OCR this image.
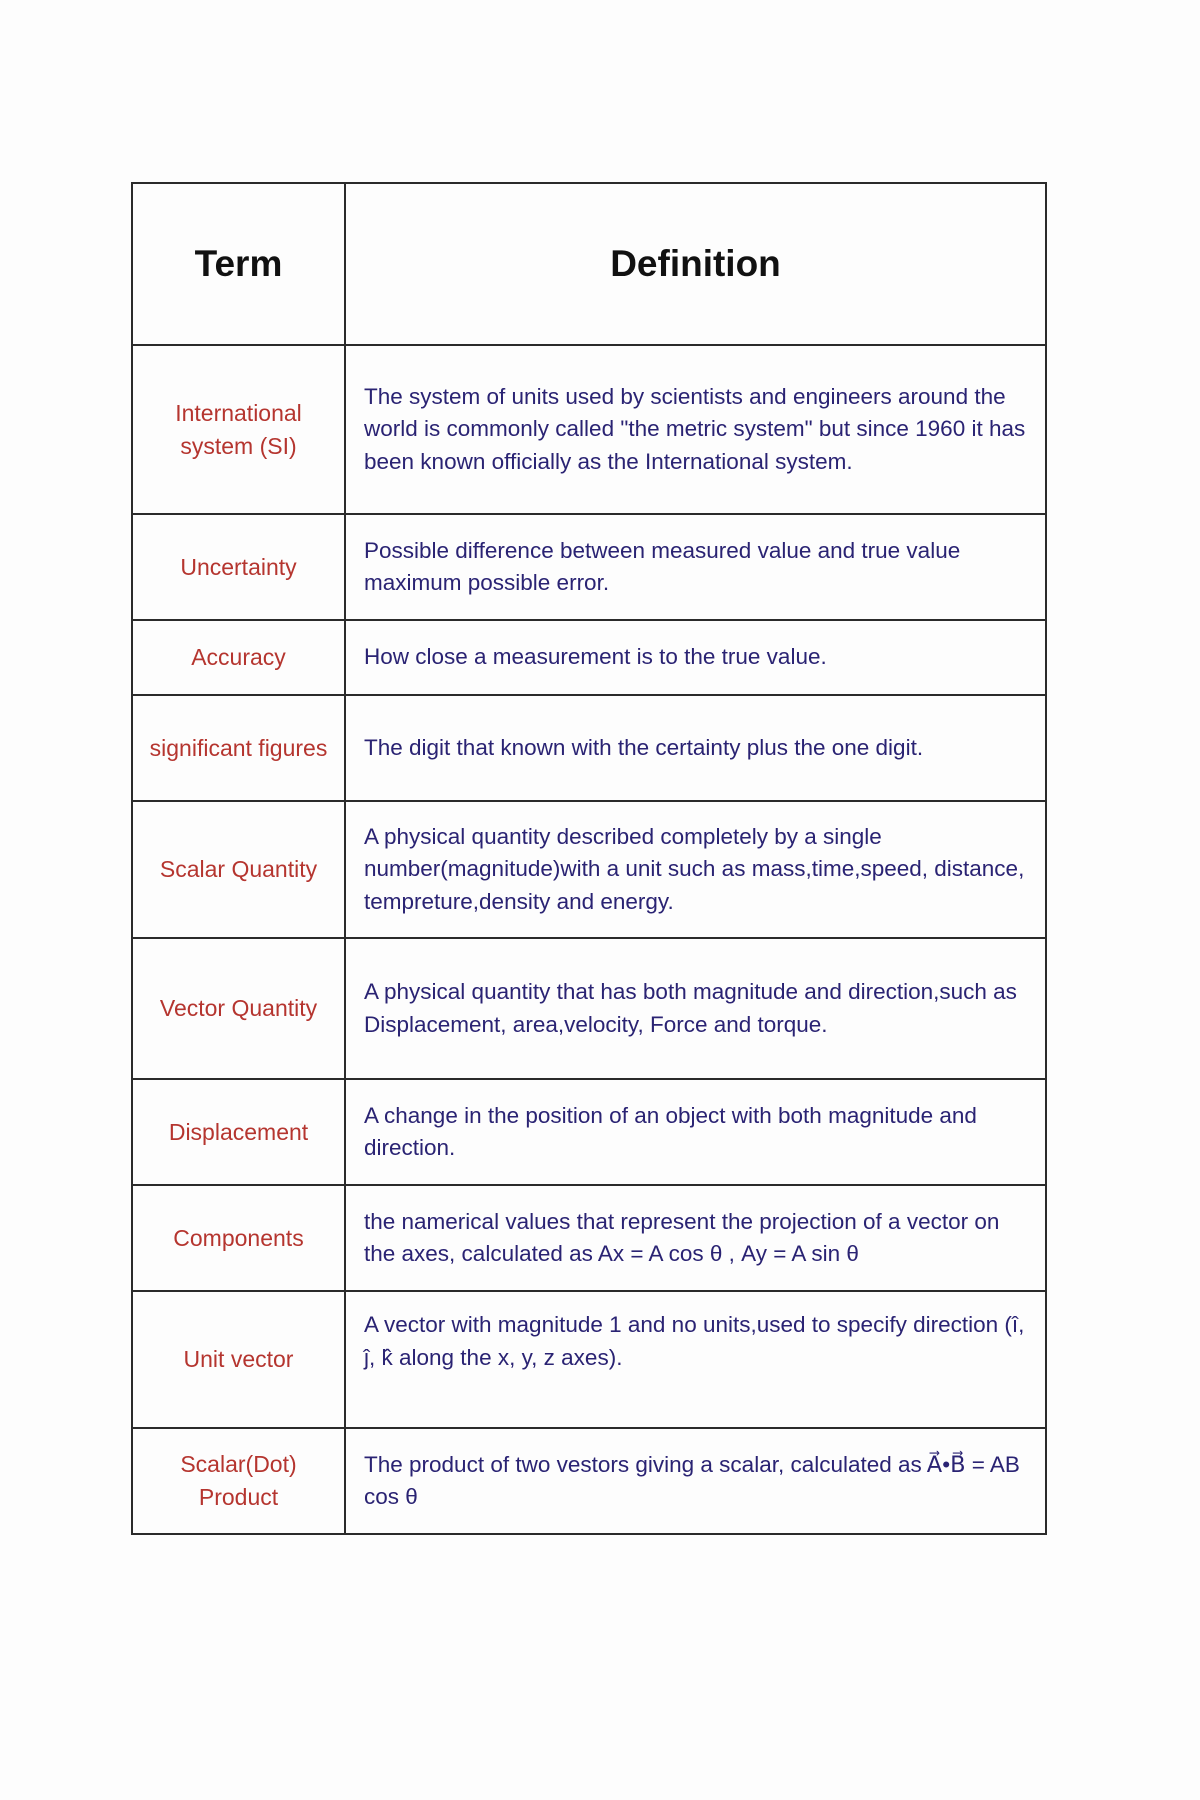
Term	Definition
International system (SI)	The system of units used by scientists and engineers around the world is commonly called "the metric system" but since 1960 it has been known officially as the International system.
Uncertainty	Possible difference between measured value and true value maximum possible error.
Accuracy	How close a measurement is to the true value.
significant figures	The digit that known with the certainty plus the one digit.
Scalar Quantity	A physical quantity described completely by a single number(magnitude)with a unit such as mass,time,speed, distance, tempreture,density and energy.
Vector Quantity	A physical quantity that has both magnitude and direction,such as Displacement, area,velocity, Force and torque.
Displacement	A change in the position of an object with both magnitude and direction.
Components	the namerical values that represent the projection of a vector on the axes, calculated as Ax = A cos θ , Ay = A sin θ
Unit vector	A vector with magnitude 1 and no units,used to specify direction (î, ĵ, k̂ along the x, y, z axes).

Scalar(Dot) Product	The product of two vestors giving a scalar, calculated as A⃗•B⃗ = AB cos θ
